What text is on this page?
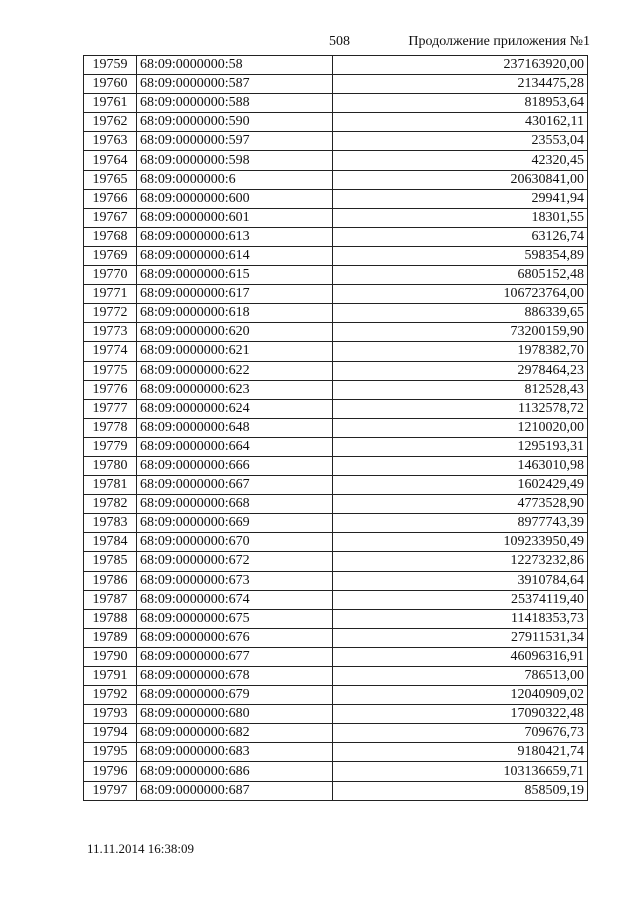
508	Продолжение приложения №1
19759	68:09:0000000:58	237163920,00
19760	68:09:0000000:587	2134475,28
19761	68:09:0000000:588	818953,64
19762	68:09:0000000:590	430162,11
19763	68:09:0000000:597	23553,04
19764	68:09:0000000:598	42320,45
19765	68:09:0000000:6	20630841,00
19766	68:09:0000000:600	29941,94
19767	68:09:0000000:601	18301,55
19768	68:09:0000000:613	63126,74
19769	68:09:0000000:614	598354,89
19770	68:09:0000000:615	6805152,48
19771	68:09:0000000:617	106723764,00
19772	68:09:0000000:618	886339,65
19773	68:09:0000000:620	73200159,90
19774	68:09:0000000:621	1978382,70
19775	68:09:0000000:622	2978464,23
19776	68:09:0000000:623	812528,43
19777	68:09:0000000:624	1132578,72
19778	68:09:0000000:648	1210020,00
19779	68:09:0000000:664	1295193,31
19780	68:09:0000000:666	1463010,98
19781	68:09:0000000:667	1602429,49
19782	68:09:0000000:668	4773528,90
19783	68:09:0000000:669	8977743,39
19784	68:09:0000000:670	109233950,49
19785	68:09:0000000:672	12273232,86
19786	68:09:0000000:673	3910784,64
19787	68:09:0000000:674	25374119,40
19788	68:09:0000000:675	11418353,73
19789	68:09:0000000:676	27911531,34
19790	68:09:0000000:677	46096316,91
19791	68:09:0000000:678	786513,00
19792	68:09:0000000:679	12040909,02
19793	68:09:0000000:680	17090322,48
19794	68:09:0000000:682	709676,73
19795	68:09:0000000:683	9180421,74
19796	68:09:0000000:686	103136659,71
19797	68:09:0000000:687	858509,19
11.11.2014 16:38:09
